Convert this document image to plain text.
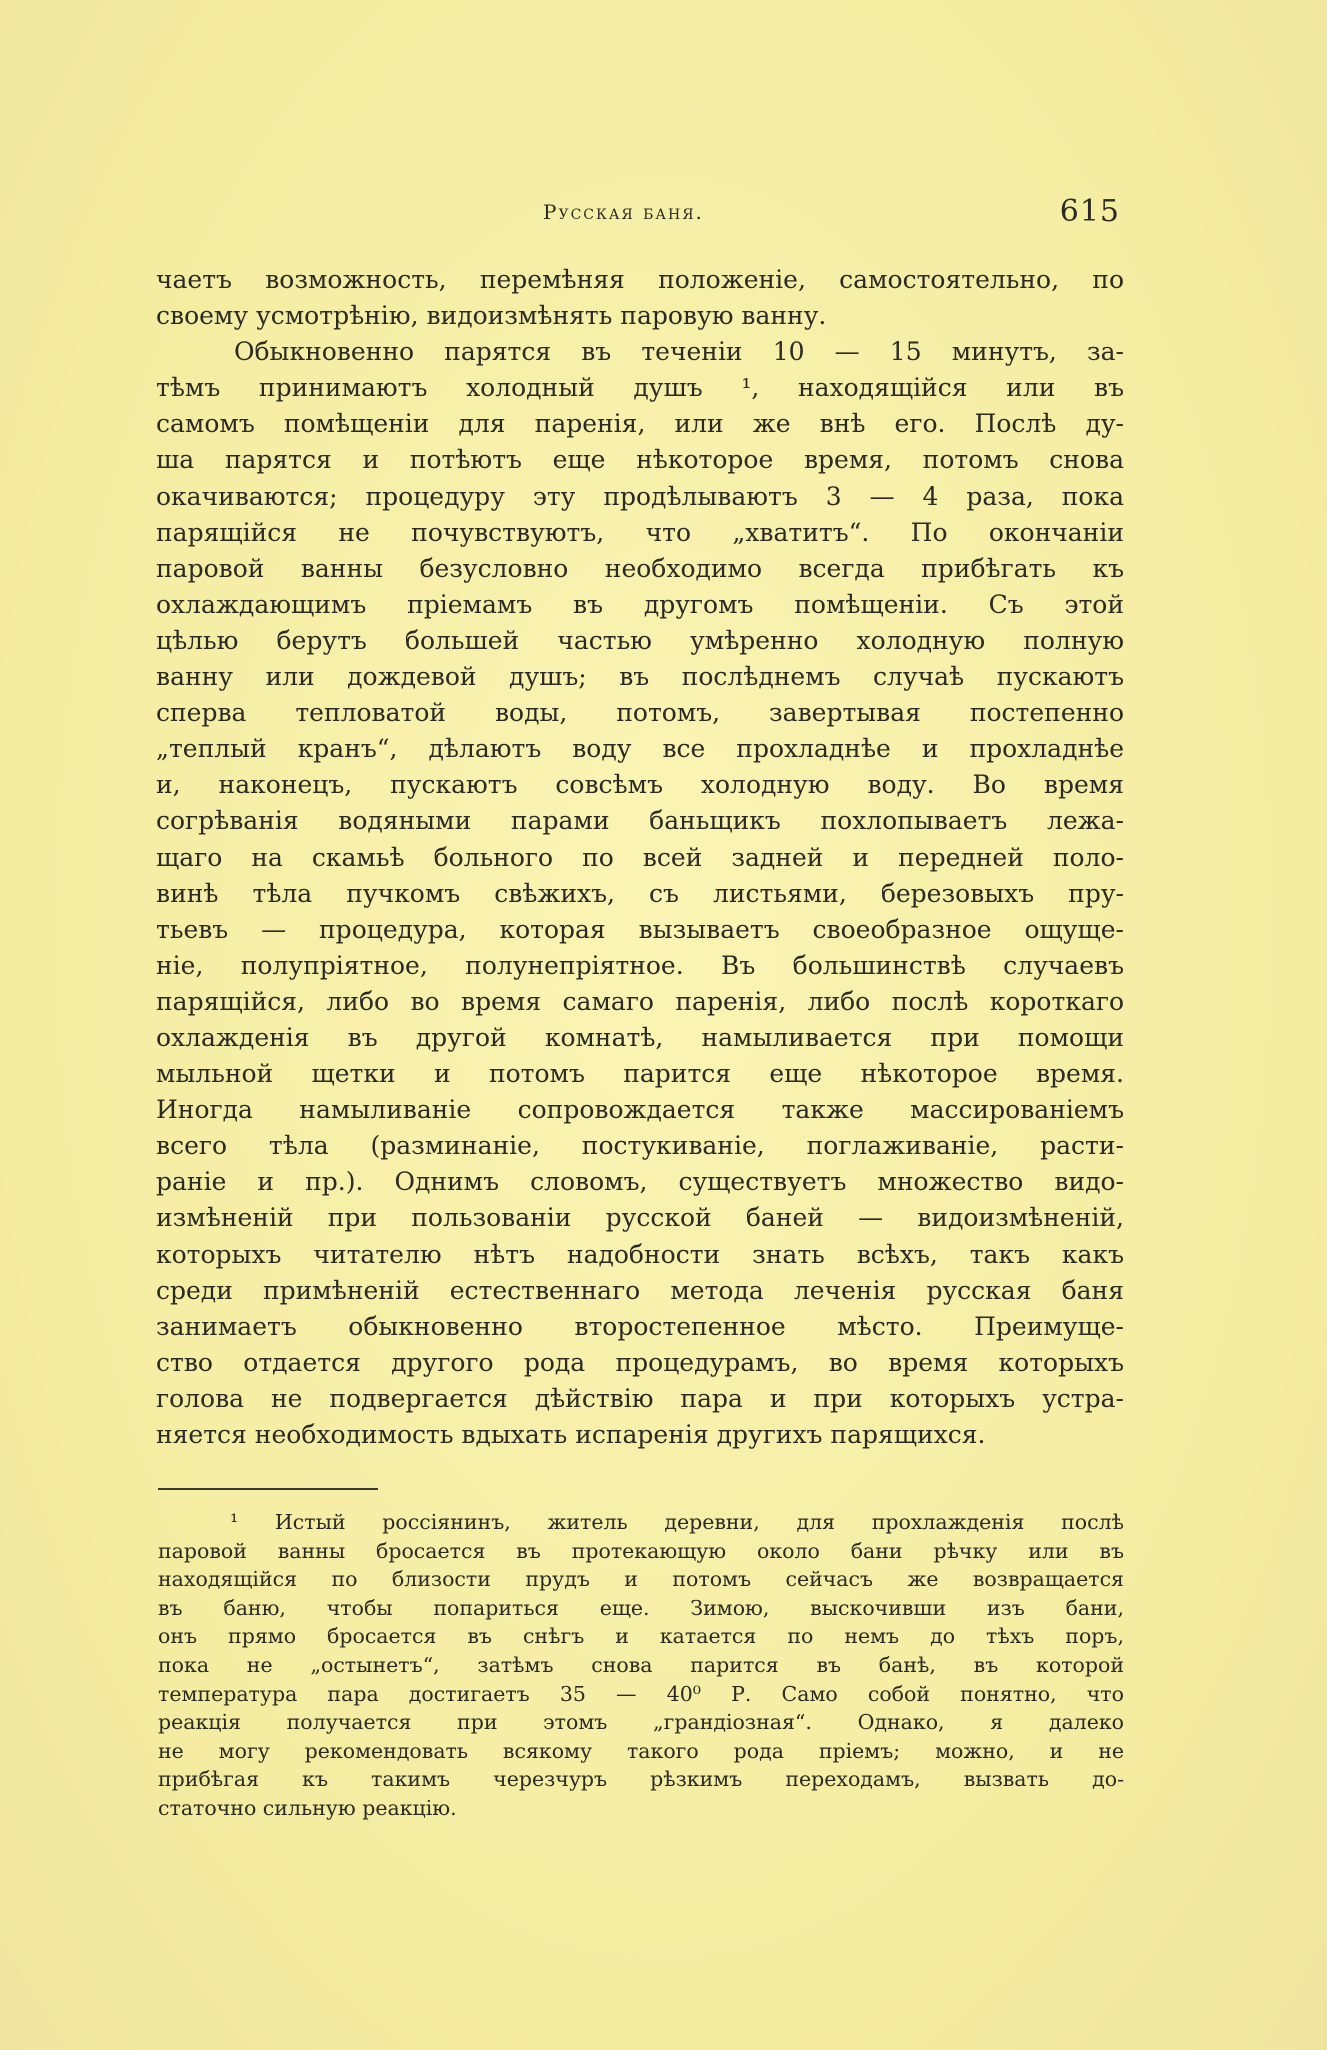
Русская баня.	615
чаетъ возможность, перемѣняя положеніе, самостоятельно, по
своему усмотрѣнію, видоизмѣнять паровую ванну.
Обыкновенно парятся въ теченіи 10 — 15 минутъ, за-
тѣмъ принимаютъ холодный душъ ¹, находящійся или въ
самомъ помѣщеніи для паренія, или же внѣ его. Послѣ ду-
ша парятся и потѣютъ еще нѣкоторое время, потомъ снова
окачиваются; процедуру эту продѣлываютъ 3 — 4 раза, пока
парящійся не почувствуютъ, что „хватитъ“. По окончаніи
паровой ванны безусловно необходимо всегда прибѣгать къ
охлаждающимъ пріемамъ въ другомъ помѣщеніи. Съ этой
цѣлью берутъ большей частью умѣренно холодную полную
ванну или дождевой душъ; въ послѣднемъ случаѣ пускаютъ
сперва тепловатой воды, потомъ, завертывая постепенно
„теплый кранъ“, дѣлаютъ воду все прохладнѣе и прохладнѣе
и, наконецъ, пускаютъ совсѣмъ холодную воду. Во время
согрѣванія водяными парами баньщикъ похлопываетъ лежа-
щаго на скамьѣ больного по всей задней и передней поло-
винѣ тѣла пучкомъ свѣжихъ, съ листьями, березовыхъ пру-
тьевъ — процедура, которая вызываетъ своеобразное ощуще-
ніе, полупріятное, полунепріятное. Въ большинствѣ случаевъ
парящійся, либо во время самаго паренія, либо послѣ короткаго
охлажденія въ другой комнатѣ, намыливается при помощи
мыльной щетки и потомъ парится еще нѣкоторое время.
Иногда намыливаніе сопровождается также массированіемъ
всего тѣла (разминаніе, постукиваніе, поглаживаніе, расти-
раніе и пр.). Однимъ словомъ, существуетъ множество видо-
измѣненій при пользованіи русской баней — видоизмѣненій,
которыхъ читателю нѣтъ надобности знать всѣхъ, такъ какъ
среди примѣненій естественнаго метода леченія русская баня
занимаетъ обыкновенно второстепенное мѣсто. Преимуще-
ство отдается другого рода процедурамъ, во время которыхъ
голова не подвергается дѣйствію пара и при которыхъ устра-
няется необходимость вдыхать испаренія другихъ парящихся.
¹ Истый россіянинъ, житель деревни, для прохлажденія послѣ
паровой ванны бросается въ протекающую около бани рѣчку или въ
находящійся по близости прудъ и потомъ сейчасъ же возвращается
въ баню, чтобы попариться еще. Зимою, выскочивши изъ бани,
онъ прямо бросается въ снѣгъ и катается по немъ до тѣхъ поръ,
пока не „остынетъ“, затѣмъ снова парится въ банѣ, въ которой
температура пара достигаетъ 35 — 40⁰ Р. Само собой понятно, что
реакція получается при этомъ „грандіозная“. Однако, я далеко
не могу рекомендовать всякому такого рода пріемъ; можно, и не
прибѣгая къ такимъ черезчуръ рѣзкимъ переходамъ, вызвать до-
статочно сильную реакцію.
